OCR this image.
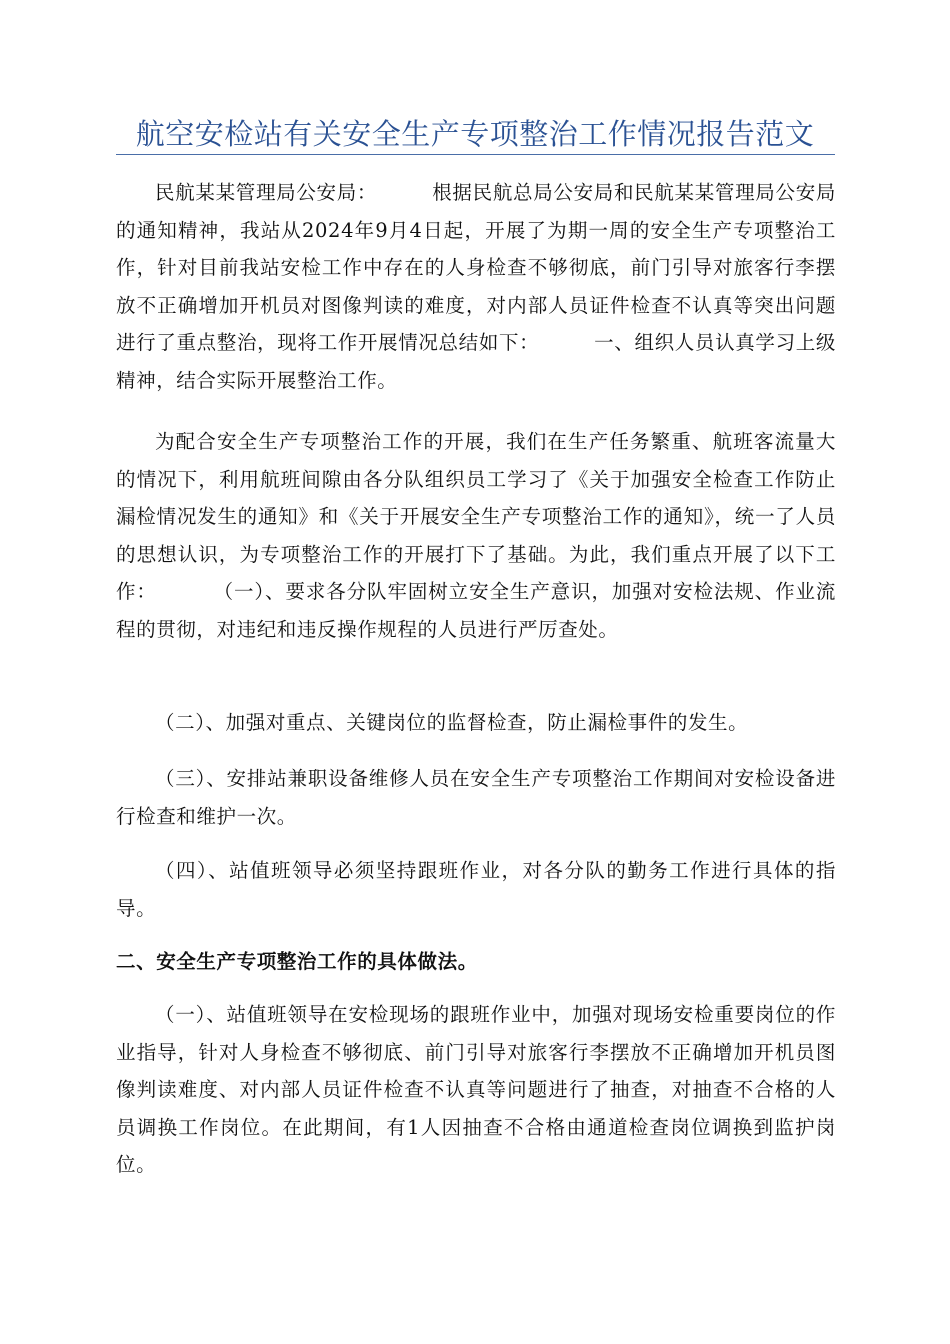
航空安检站有关安全生产专项整治工作情况报告范文

民航某某管理局公安局：        根据民航总局公安局和民航某某管理局公安局的通知精神，我站从2024年9月4日起，开展了为期一周的安全生产专项整治工作，针对目前我站安检工作中存在的人身检查不够彻底，前门引导对旅客行李摆放不正确增加开机员对图像判读的难度，对内部人员证件检查不认真等突出问题进行了重点整治，现将工作开展情况总结如下：        一、组织人员认真学习上级精神，结合实际开展整治工作。

为配合安全生产专项整治工作的开展，我们在生产任务繁重、航班客流量大的情况下，利用航班间隙由各分队组织员工学习了《关于加强安全检查工作防止漏检情况发生的通知》和《关于开展安全生产专项整治工作的通知》，统一了人员的思想认识，为专项整治工作的开展打下了基础。为此，我们重点开展了以下工作：        （一）、要求各分队牢固树立安全生产意识，加强对安检法规、作业流程的贯彻，对违纪和违反操作规程的人员进行严厉查处。

（二）、加强对重点、关键岗位的监督检查，防止漏检事件的发生。

（三）、安排站兼职设备维修人员在安全生产专项整治工作期间对安检设备进行检查和维护一次。

（四）、站值班领导必须坚持跟班作业，对各分队的勤务工作进行具体的指导。

二、安全生产专项整治工作的具体做法。

（一）、站值班领导在安检现场的跟班作业中，加强对现场安检重要岗位的作业指导，针对人身检查不够彻底、前门引导对旅客行李摆放不正确增加开机员图像判读难度、对内部人员证件检查不认真等问题进行了抽查，对抽查不合格的人员调换工作岗位。在此期间，有1人因抽查不合格由通道检查岗位调换到监护岗位。
